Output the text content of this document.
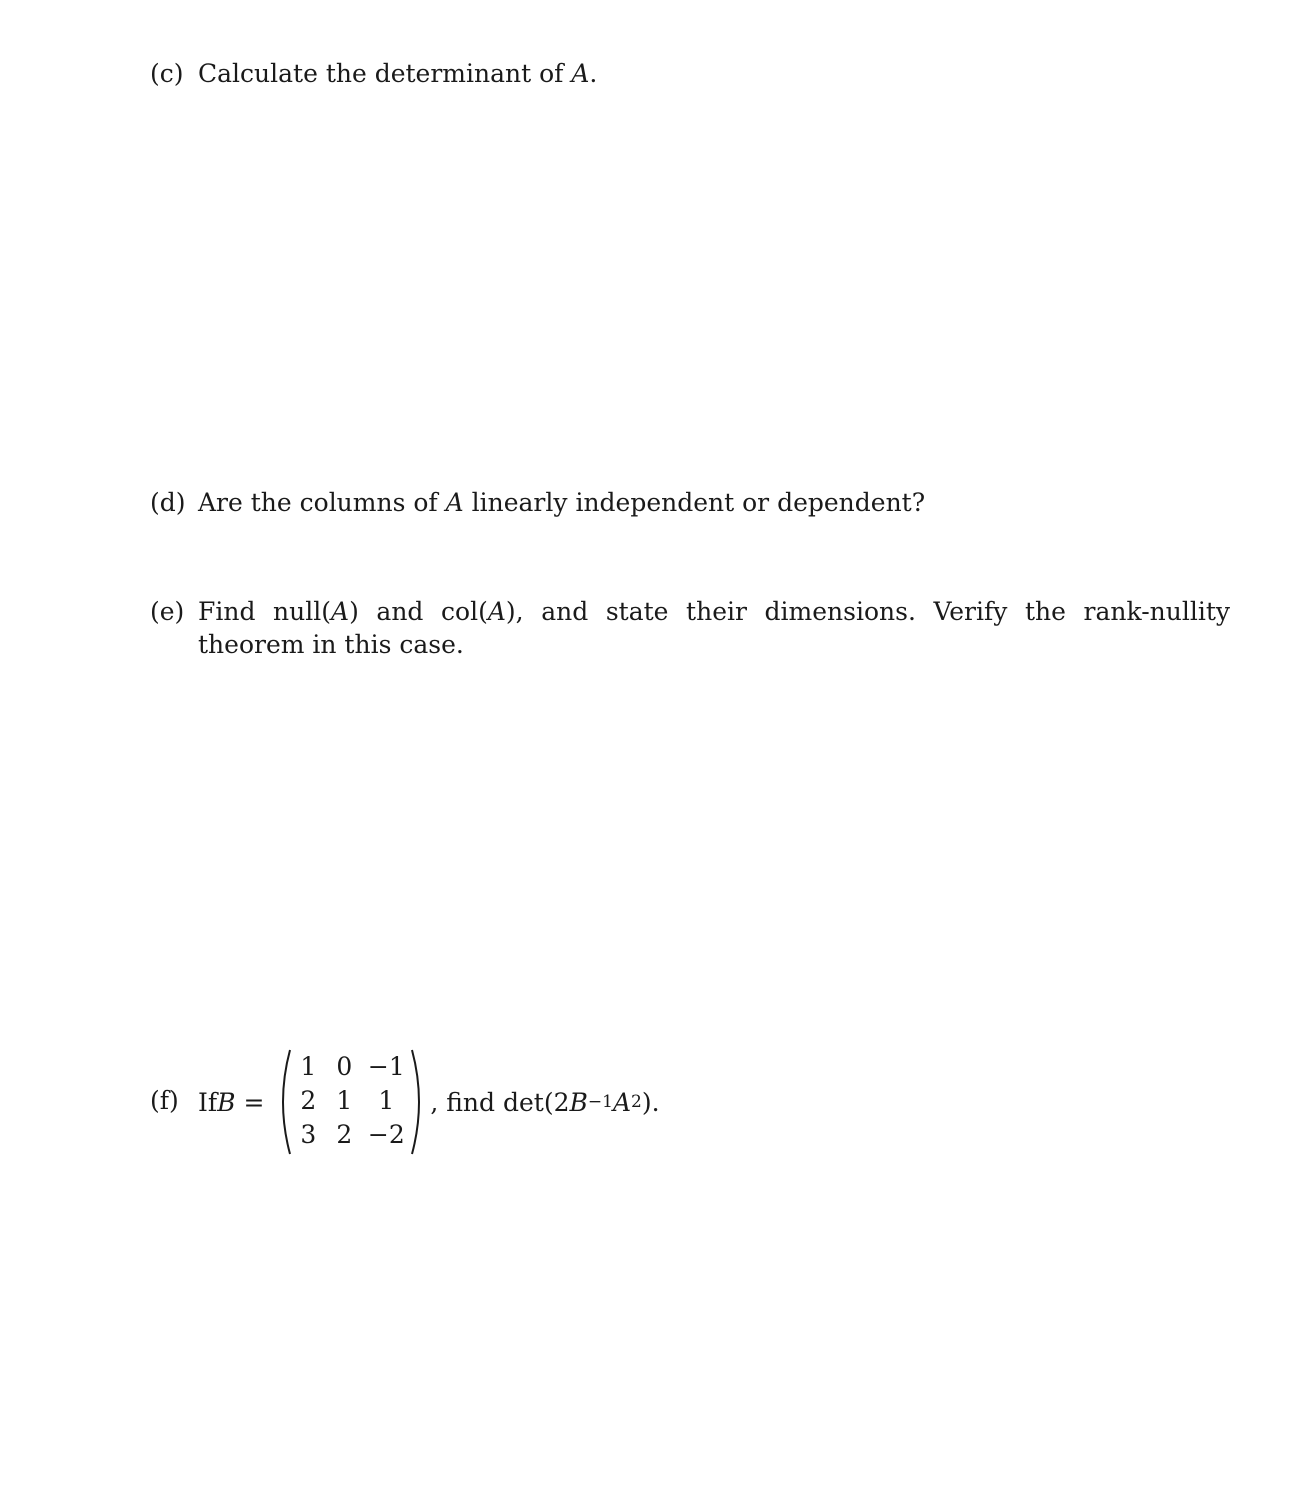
(c) Calculate the determinant of A.
(d) Are the columns of A linearly independent or dependent?
(e) Find null(A) and col(A), and state their dimensions. Verify the rank-nullity theorem in this case.
(f) If B =
1 0 −1
2 1	1
3 2 −2
, find det(2 B −1 A 2 ).
